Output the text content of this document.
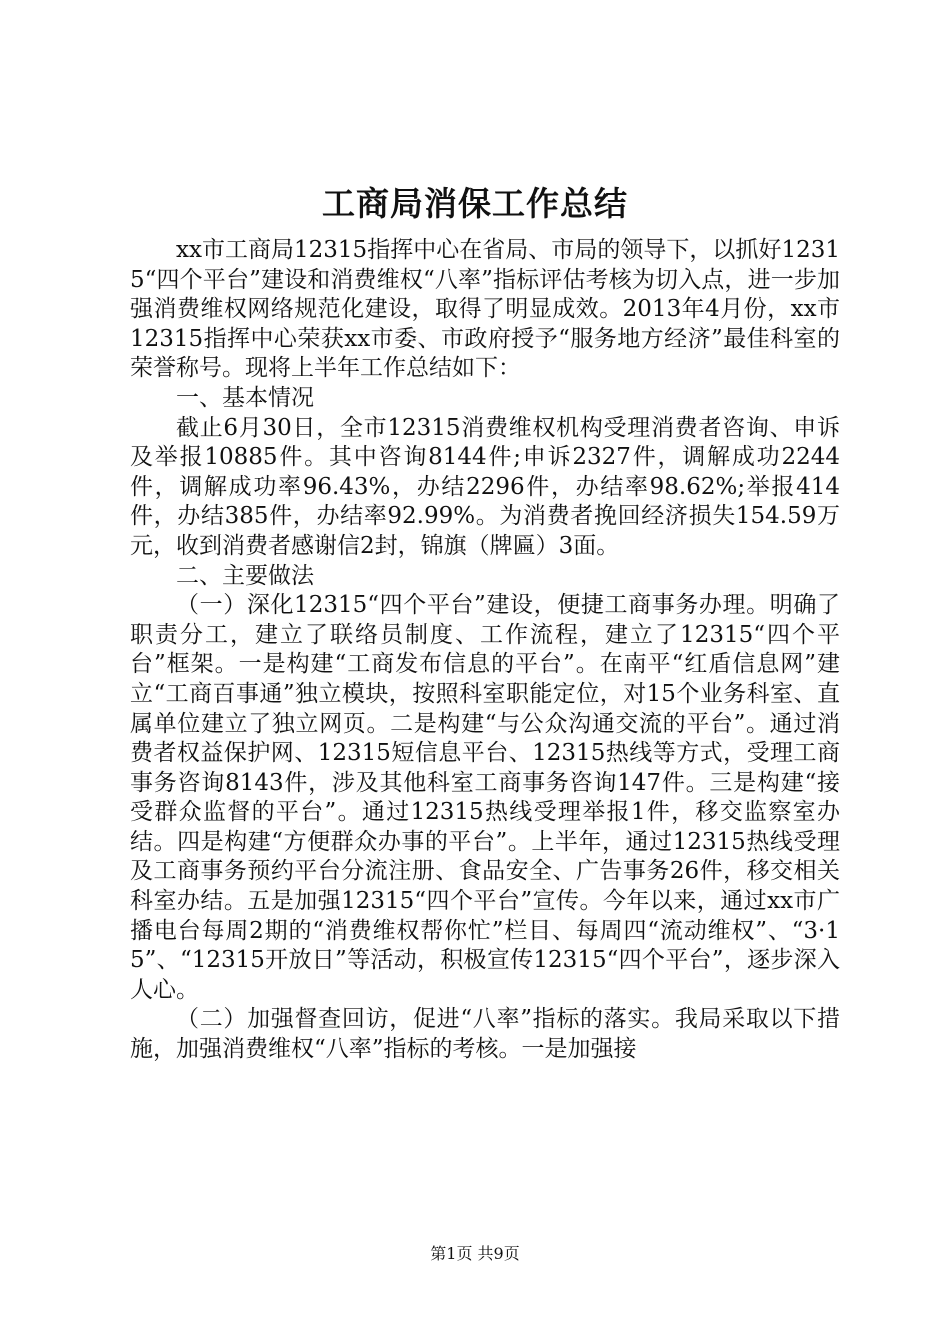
工商局消保工作总结

xx市工商局12315指挥中心在省局、市局的领导下，以抓好12315“四个平台”建设和消费维权“八率”指标评估考核为切入点，进一步加强消费维权网络规范化建设，取得了明显成效。2013年4月份，xx市12315指挥中心荣获xx市委、市政府授予“服务地方经济”最佳科室的荣誉称号。现将上半年工作总结如下：

一、基本情况

截止6月30日，全市12315消费维权机构受理消费者咨询、申诉及举报10885件。其中咨询8144件;申诉2327件，调解成功2244件，调解成功率96.43%，办结2296件，办结率98.62%;举报414件，办结385件，办结率92.99%。为消费者挽回经济损失154.59万元，收到消费者感谢信2封，锦旗（牌匾）3面。

二、主要做法

（一）深化12315“四个平台”建设，便捷工商事务办理。明确了职责分工，建立了联络员制度、工作流程，建立了12315“四个平台”框架。一是构建“工商发布信息的平台”。在南平“红盾信息网”建立“工商百事通”独立模块，按照科室职能定位，对15个业务科室、直属单位建立了独立网页。二是构建“与公众沟通交流的平台”。通过消费者权益保护网、12315短信息平台、12315热线等方式，受理工商事务咨询8143件，涉及其他科室工商事务咨询147件。三是构建“接受群众监督的平台”。通过12315热线受理举报1件，移交监察室办结。四是构建“方便群众办事的平台”。上半年，通过12315热线受理及工商事务预约平台分流注册、食品安全、广告事务26件，移交相关科室办结。五是加强12315“四个平台”宣传。今年以来，通过xx市广播电台每周2期的“消费维权帮你忙”栏目、每周四“流动维权”、“3·15”、“12315开放日”等活动，积极宣传12315“四个平台”，逐步深入人心。

（二）加强督查回访，促进“八率”指标的落实。我局采取以下措施，加强消费维权“八率”指标的考核。一是加强接

第1页 共9页
